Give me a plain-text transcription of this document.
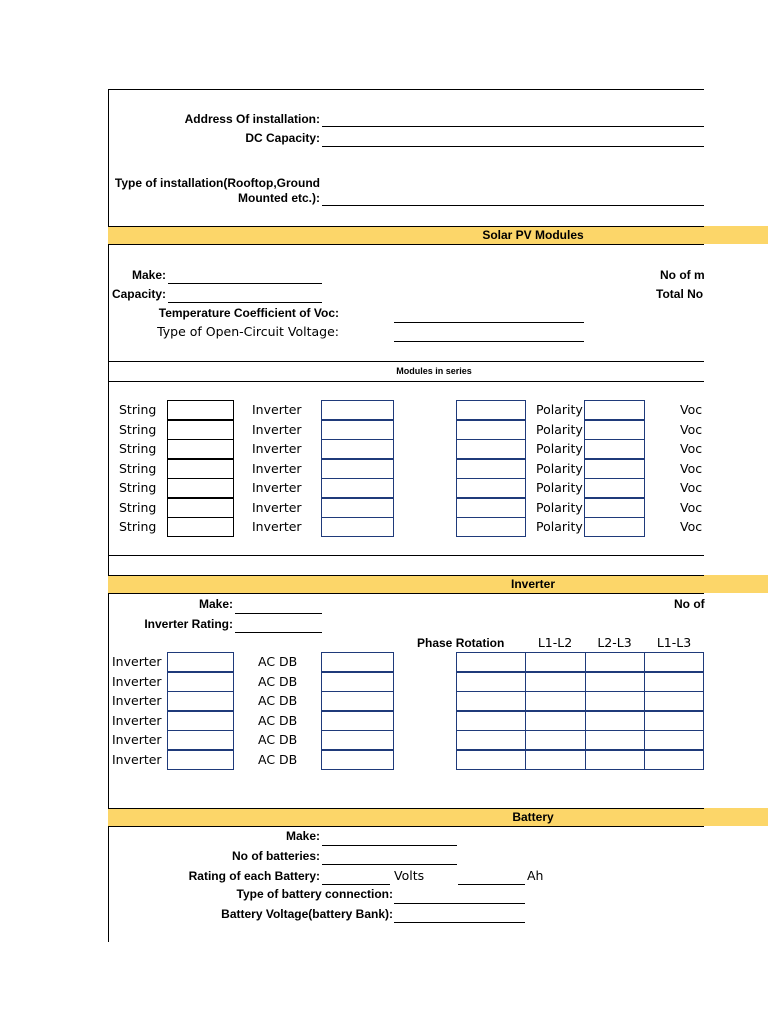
Address Of installation:
DC Capacity:
Type of installation(Rooftop,Ground
Mounted etc.):
Solar PV Modules
Make:
Capacity:
Temperature Coefficient of Voc:
Type of Open-Circuit Voltage:
No of m
Total No
Modules in series
String	Inverter	Polarity	Voc
String	Inverter	Polarity	Voc
String	Inverter	Polarity	Voc
String	Inverter	Polarity	Voc
String	Inverter	Polarity	Voc
String	Inverter	Polarity	Voc
String	Inverter	Polarity	Voc
Inverter
Make:
Inverter Rating:
No of
Phase Rotation	L1-L2	L2-L3	L1-L3
Inverter	AC DB
Inverter	AC DB
Inverter	AC DB
Inverter	AC DB
Inverter	AC DB
Inverter	AC DB
Battery
Make:
No of batteries:
Rating of each Battery:	Volts	Ah
Type of battery connection:
Battery Voltage(battery Bank):
